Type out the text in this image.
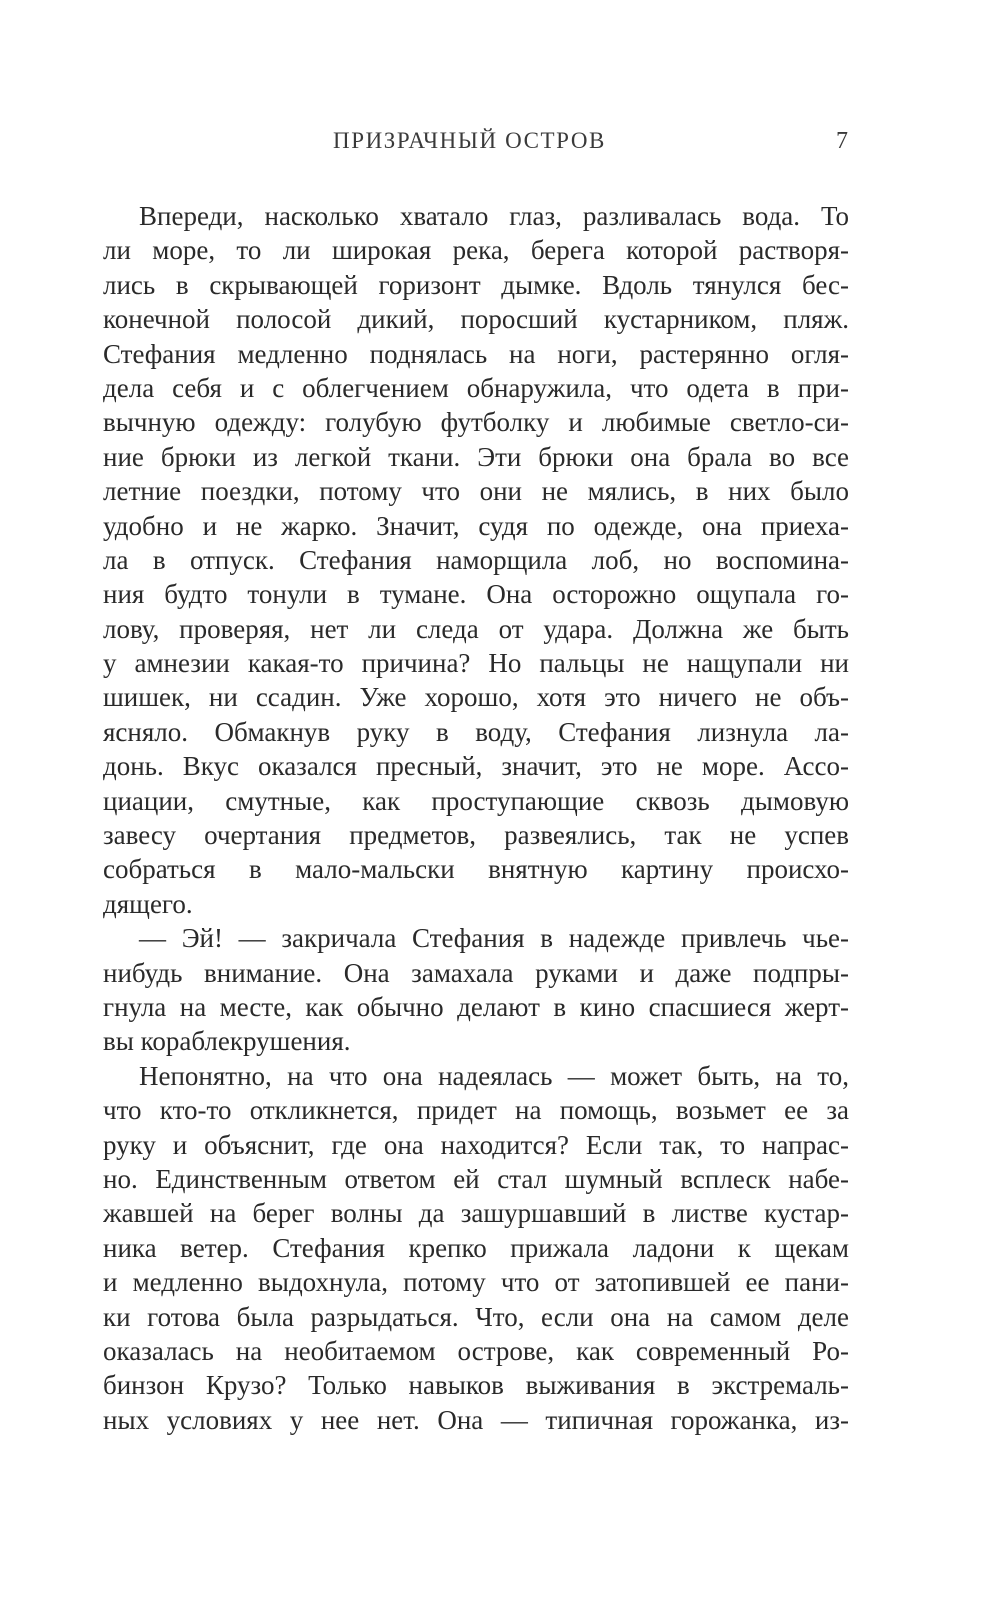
ПРИЗРАЧНЫЙ ОСТРОВ	7
Впереди, насколько хватало глаз, разливалась вода. То
ли море, то ли широкая река, берега которой растворя-
лись в скрывающей горизонт дымке. Вдоль тянулся бес-
конечной полосой дикий, поросший кустарником, пляж.
Стефания медленно поднялась на ноги, растерянно огля-
дела себя и с облегчением обнаружила, что одета в при-
вычную одежду: голубую футболку и любимые светло-си-
ние брюки из легкой ткани. Эти брюки она брала во все
летние поездки, потому что они не мялись, в них было
удобно и не жарко. Значит, судя по одежде, она приеха-
ла в отпуск. Стефания наморщила лоб, но воспомина-
ния будто тонули в тумане. Она осторожно ощупала го-
лову, проверяя, нет ли следа от удара. Должна же быть
у амнезии какая-то причина? Но пальцы не нащупали ни
шишек, ни ссадин. Уже хорошо, хотя это ничего не объ-
ясняло. Обмакнув руку в воду, Стефания лизнула ла-
донь. Вкус оказался пресный, значит, это не море. Ассо-
циации, смутные, как проступающие сквозь дымовую
завесу очертания предметов, развеялись, так не успев
собраться в мало-мальски внятную картину происхо-
дящего.
— Эй! — закричала Стефания в надежде привлечь чье-
нибудь внимание. Она замахала руками и даже подпры-
гнула на месте, как обычно делают в кино спасшиеся жерт-
вы кораблекрушения.
Непонятно, на что она надеялась — может быть, на то,
что кто-то откликнется, придет на помощь, возьмет ее за
руку и объяснит, где она находится? Если так, то напрас-
но. Единственным ответом ей стал шумный всплеск набе-
жавшей на берег волны да зашуршавший в листве кустар-
ника ветер. Стефания крепко прижала ладони к щекам
и медленно выдохнула, потому что от затопившей ее пани-
ки готова была разрыдаться. Что, если она на самом деле
оказалась на необитаемом острове, как современный Ро-
бинзон Крузо? Только навыков выживания в экстремаль-
ных условиях у нее нет. Она — типичная горожанка, из-
